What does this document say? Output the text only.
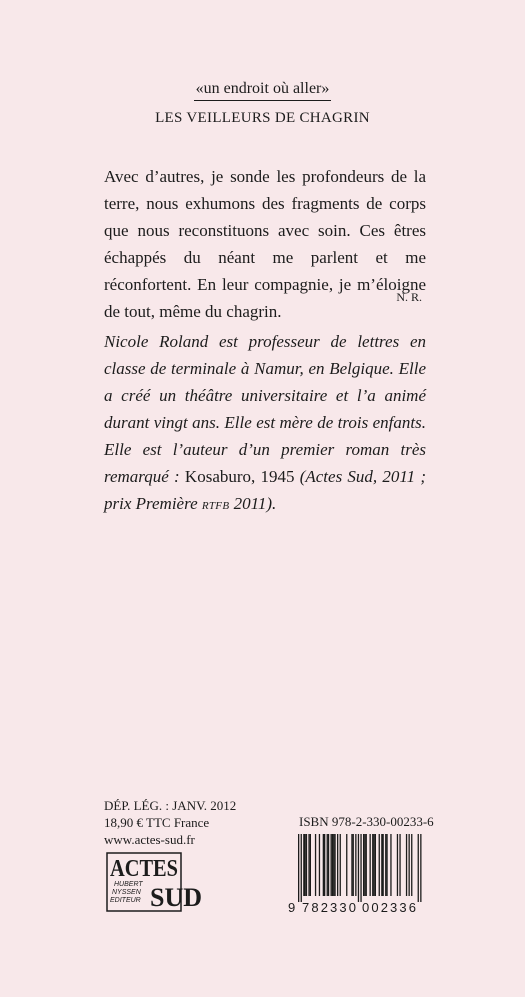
«un endroit où aller»
LES VEILLEURS DE CHAGRIN

Avec d’autres, je sonde les profondeurs de la terre, nous exhumons des fragments de corps que nous reconstituons avec soin. Ces êtres échappés du néant me parlent et me réconfortent. En leur compagnie, je m’éloigne de tout, même du chagrin.

N. R.
Nicole Roland est professeur de lettres en classe de terminale à Namur, en Belgique. Elle a créé un théâtre universitaire et l’a animé durant vingt ans. Elle est mère de trois enfants. Elle est l’auteur d’un premier roman très remarqué : Kosaburo, 1945 (Actes Sud, 2011 ; prix Première RTFB 2011).
DÉP. LÉG. : JANV. 2012
18,90 € TTC France
www.actes-sud.fr
ACTES
HUBERT
NYSSEN
EDITEUR SUD
ISBN 978-2-330-00233-6
9 782330 002336
